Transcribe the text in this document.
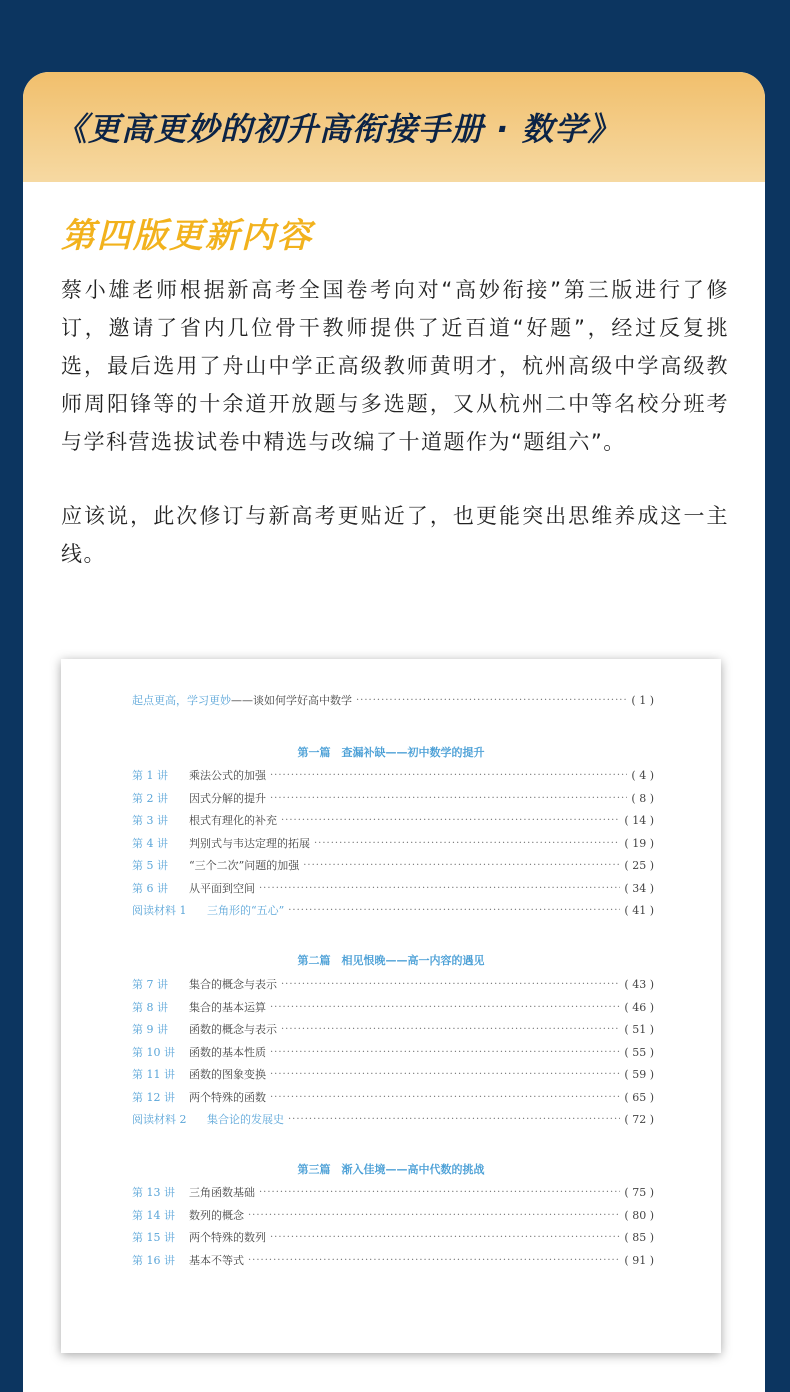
《更高更妙的初升高衔接手册 · 数学》
第四版更新内容
蔡小雄老师根据新高考全国卷考向对“高妙衔接”第三版进行了修订，邀请了省内几位骨干教师提供了近百道“好题”，经过反复挑选，最后选用了舟山中学正高级教师黄明才，杭州高级中学高级教师周阳锋等的十余道开放题与多选题，又从杭州二中等名校分班考与学科营选拔试卷中精选与改编了十道题作为“题组六”。
应该说，此次修订与新高考更贴近了，也更能突出思维养成这一主线。
起点更高，学习更妙——谈如何学好高中数学 ·····	( 1 )
第一篇　查漏补缺——初中数学的提升
第 1 讲	乘法公式的加强 ·····	( 4 )
第 2 讲	因式分解的提升 ·····	( 8 )
第 3 讲	根式有理化的补充 ·····	( 14 )
第 4 讲	判别式与韦达定理的拓展 ·····	( 19 )
第 5 讲	“三个二次”问题的加强 ·····	( 25 )
第 6 讲	从平面到空间 ·····	( 34 )
阅读材料 1	三角形的“五心” ·····	( 41 )
第二篇　相见恨晚——高一内容的遇见
第 7 讲	集合的概念与表示 ·····	( 43 )
第 8 讲	集合的基本运算 ·····	( 46 )
第 9 讲	函数的概念与表示 ·····	( 51 )
第 10 讲	函数的基本性质 ·····	( 55 )
第 11 讲	函数的图象变换 ·····	( 59 )
第 12 讲	两个特殊的函数 ·····	( 65 )
阅读材料 2	集合论的发展史 ·····	( 72 )
第三篇　渐入佳境——高中代数的挑战
第 13 讲	三角函数基础 ·····	( 75 )
第 14 讲	数列的概念 ·····	( 80 )
第 15 讲	两个特殊的数列 ·····	( 85 )
第 16 讲	基本不等式 ·····	( 91 )
